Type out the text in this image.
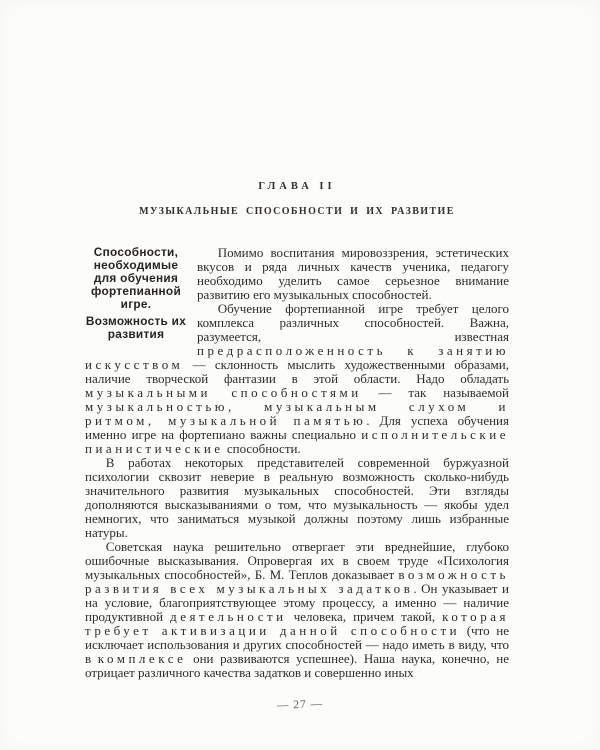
ГЛАВА II
МУЗЫКАЛЬНЫЕ СПОСОБНОСТИ И ИХ РАЗВИТИЕ
Способности, необходимые для обучения фортепианной игре.
Возможность их развития

Помимо воспитания мировоззрения, эстетических вкусов и ряда личных качеств ученика, педагогу необходимо уделить самое серьезное внимание развитию его музыкальных способностей.

Обучение фортепианной игре требует целого комплекса различных способностей. Важна, разумеется, известная предрасположенность к занятию искусством — склонность мыслить художественными образами, наличие творческой фантазии в этой области. Надо обладать музыкальными способностями — так называемой музыкальностью, музыкальным слухом и ритмом, музыкальной памятью. Для успеха обучения именно игре на фортепиано важны специально исполнительские пианистические способности.

В работах некоторых представителей современной буржуазной психологии сквозит неверие в реальную возможность сколько-нибудь значительного развития музыкальных способностей. Эти взгляды дополняются высказываниями о том, что музыкальность — якобы удел немногих, что заниматься музыкой должны поэтому лишь избранные натуры.

Советская наука решительно отвергает эти вреднейшие, глубоко ошибочные высказывания. Опровергая их в своем труде «Психология музыкальных способностей», Б. М. Теплов доказывает возможность развития всех музыкальных задатков. Он указывает и на условие, благоприятствующее этому процессу, а именно — наличие продуктивной деятельности человека, причем такой, которая требует активизации данной способности (что не исключает использования и других способностей — надо иметь в виду, что в комплексе они развиваются успешнее). Наша наука, конечно, не отрицает различного качества задатков и совершенно иных

— 27 —
